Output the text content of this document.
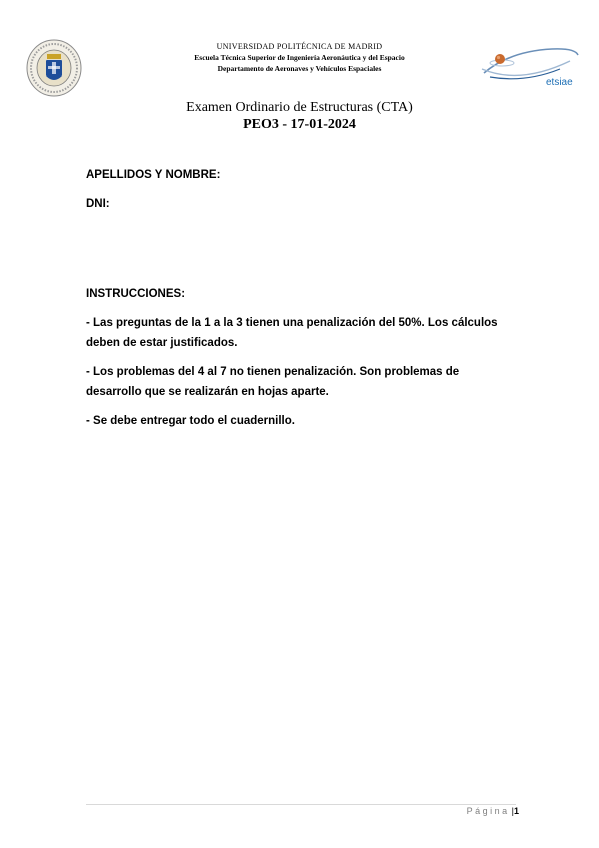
UNIVERSIDAD POLITÉCNICA DE MADRID
Escuela Técnica Superior de Ingeniería Aeronáutica y del Espacio
Departamento de Aeronaves y Vehículos Espaciales
etsiae
Examen Ordinario de Estructuras (CTA)
PEO3 - 17-01-2024
APELLIDOS Y NOMBRE:
DNI:
INSTRUCCIONES:
- Las preguntas de la 1 a la 3 tienen una penalización del 50%. Los cálculos deben de estar justificados.
- Los problemas del 4 al 7 no tienen penalización. Son problemas de desarrollo que se realizarán en hojas aparte.
- Se debe entregar todo el cuadernillo.
Página |1
